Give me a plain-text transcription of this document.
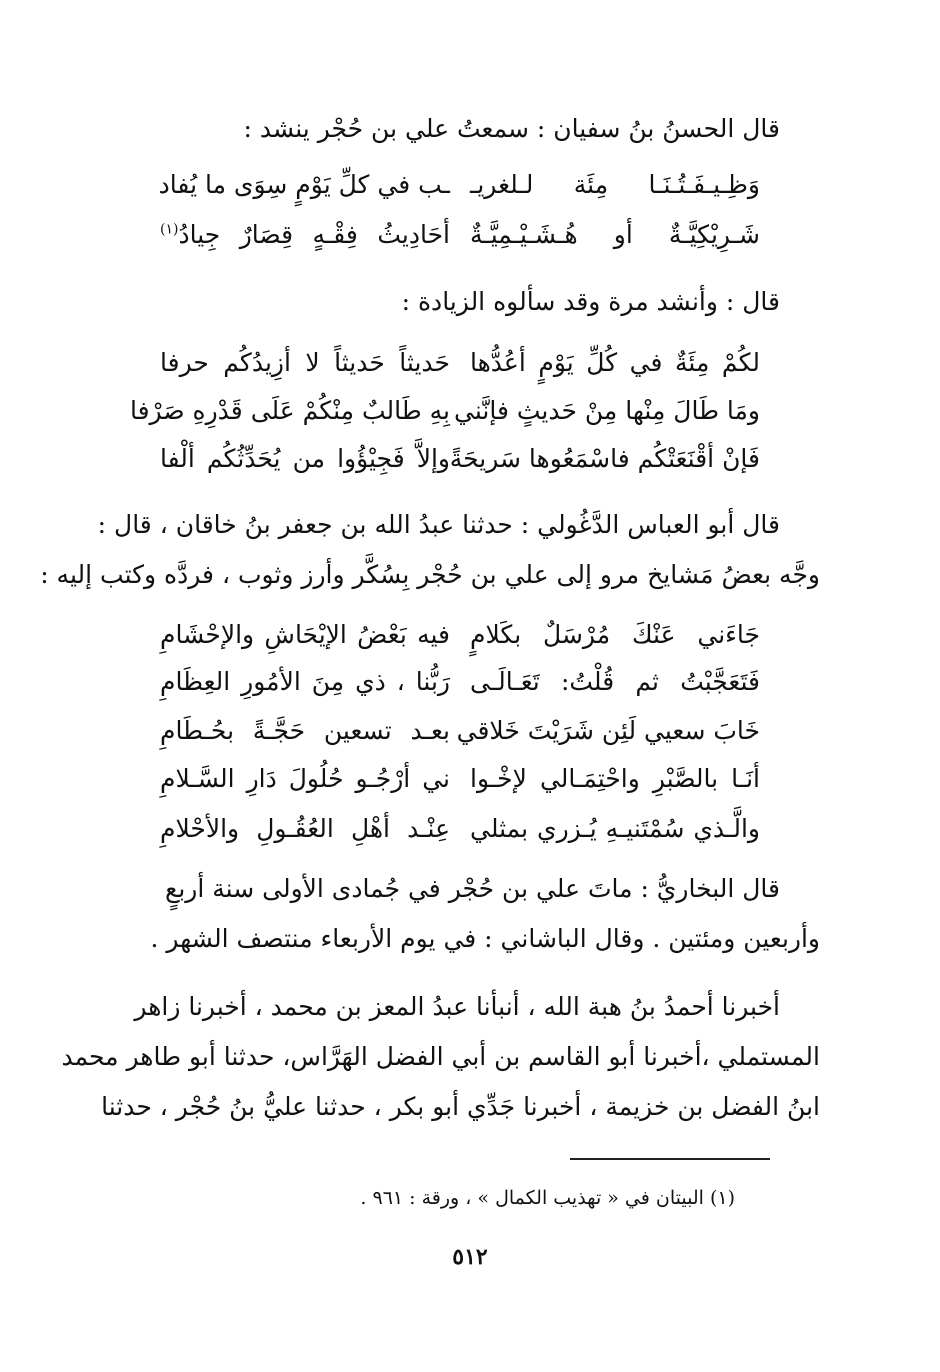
قال الحسنُ بنُ سفيان : سمعتُ علي بن حُجْر ينشد :
وَظِـيـفَـتُـنَـا مِئَة لـلغريـ
ـب في كلِّ يَوْمٍ سِوَى ما يُفاد
شَـرِيْكِيَّـةٌ أو هُـشَـيْـمِيَّـةٌ
أحَادِيثُ فِقْـهٍ قِصَارٌ جِيادُ$^{(١)}$
قال : وأنشد مرة وقد سألوه الزيادة :
لكُمْ مِئَةٌ في كُلِّ يَوْمٍ أعُدُّها
حَديثاً حَديثاً لا أزِيدُكُم حرفا
ومَا طَالَ مِنْها مِنْ حَديثٍ فإنَّني
بِهِ طَالبٌ مِنْكُمْ عَلَى قَدْرِهِ صَرْفا
فَإنْ أقْنَعَتْكُم فاسْمَعُوها سَريحَةً
وإلاَّ فَجِيْؤُوا من يُحَدِّثُكُم ألْفا
قال أبو العباس الدَّغُولي : حدثنا عبدُ الله بن جعفر بنُ خاقان ، قال :
وجَّه بعضُ مَشايخ مرو إلى علي بن حُجْر بِسُكَّر وأرز وثوب ، فردَّه وكتب إليه :
جَاءَني عَنْكَ مُرْسَلٌ بكَلامٍ
فيه بَعْضُ الإيْحَاشِ والإحْشَامِ
فَتَعَجَّبْتُ ثم قُلْتُ: تَعَـالَـى
رَبُّنا ، ذي مِنَ الأمُورِ العِظَامِ
خَابَ سعيي لَئِن شَرَيْتَ خَلاقي
بعـد تسعين حَجَّـةً بحُـطَامِ
أنَـا بالصَّبْرِ واحْتِمَـالي لإخْـوا
ني أرْجُـو حُلُولَ دَارِ السَّـلامِ
والَّـذي سُمْتَنيـهِ يُـزري بمثلي
عِنْـد أهْلِ العُقُـولِ والأحْلامِ
قال البخاريُّ : ماتَ علي بن حُجْر في جُمادى الأولى سنة أربعٍ
وأربعين ومئتين . وقال الباشاني : في يوم الأربعاء منتصف الشهر .
أخبرنا أحمدُ بنُ هبة الله ، أنبأنا عبدُ المعز بن محمد ، أخبرنا زاهر
المستملي ،أخبرنا أبو القاسم بن أبي الفضل الهَرَّاس، حدثنا أبو طاهر محمد
ابنُ الفضل بن خزيمة ، أخبرنا جَدِّي أبو بكر ، حدثنا عليُّ بنُ حُجْر ، حدثنا
(١) البيتان في « تهذيب الكمال » ، ورقة : ٩٦١ .
٥١٢
